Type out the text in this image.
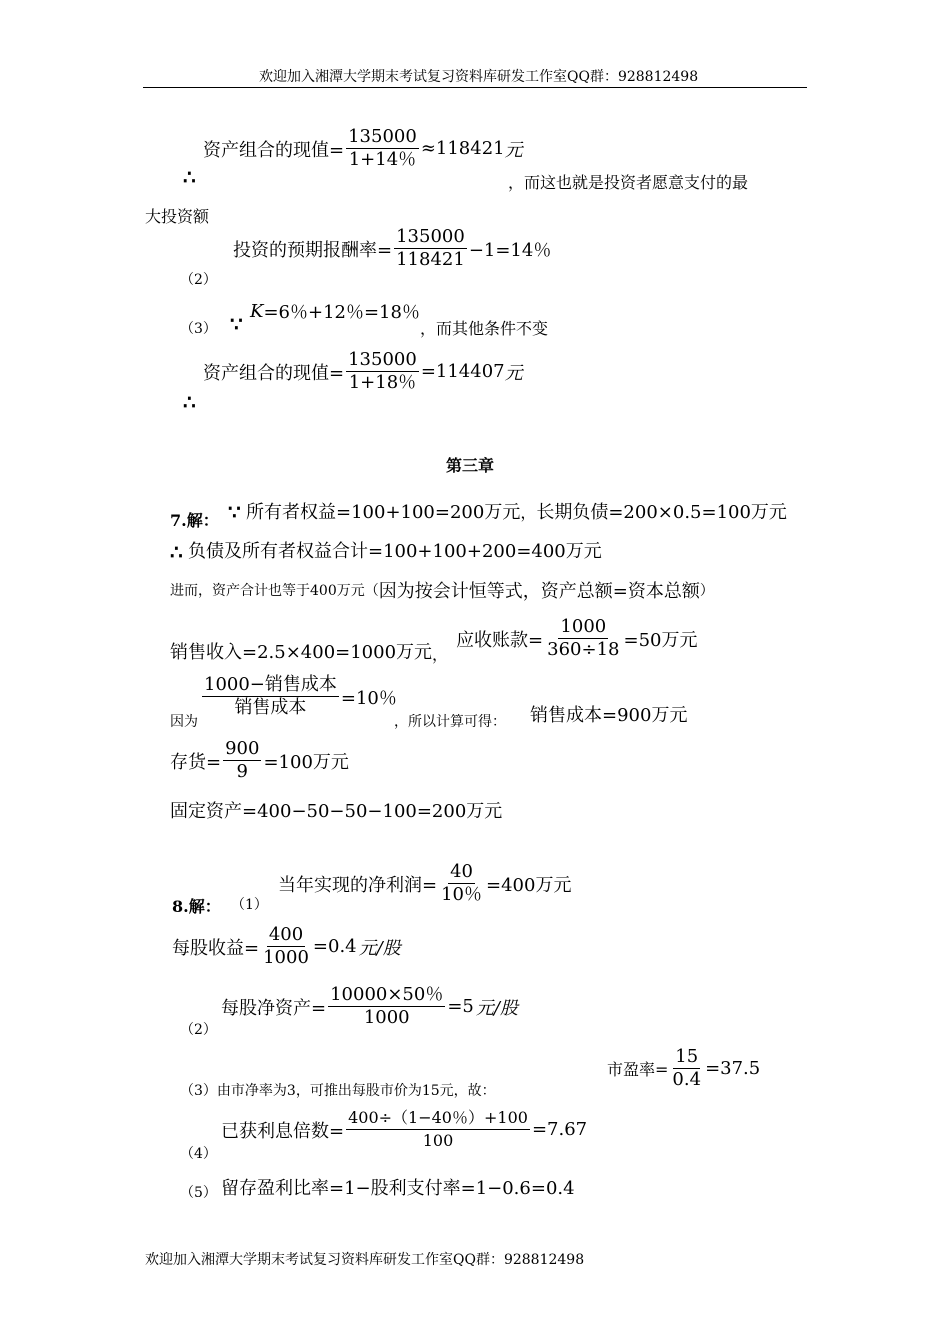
欢迎加入湘潭大学期末考试复习资料库研发工作室QQ群：928812498
资产组合的现值= $\frac{135000}{1+14\%} \approx 118421$ 元
∴	，而这也就是投资者愿意支付的最
大投资额
（2）
投资的预期报酬率= $\frac{135000}{118421} -1=14$％
（3） ∵
K =6％+12％=18％
，而其他条件不变
资产组合的现值= $\frac{135000}{1+18\%} =114407$ 元
∴
第三章
7.解： ∵ 所有者权益=100+100=200万元 ， 长期负债=200×0.5=100万元
∴ 负债及所有者权益合计=100+100+200=400万元
进而，资产合计也等于400万元（ 因为按会计恒等式，资产总额=资本总额 ）
销售收入=2.5×400=1000万元 ，
应收账款= $\frac{1000}{360\div 18} =50$万元
因为
$\frac{\text{1000−销售成本}}{\text{销售成本}} =10$％
，所以计算可得： 销售成本=900万元
存货= $\frac{900}{9} =100$万元
固定资产=400−50−50−100=200万元
8.解： （1）
当年实现的净利润= $\frac{40}{10\%} =400$万元
每股收益= $\frac{400}{1000} =0.4$ 元/股
（2）
每股净资产= $\frac{10000\times 50\%}{1000} =5$ 元/股
（3）由市净率为3，可推出每股市价为15元，故：
市盈率= $\frac{15}{0.4} =37.5$
（4）
已获利息倍数= $\frac{400\div(1-40\%)+100}{100} =7.67$
（5） 留存盈利比率=1−股利支付率=1−0.6=0.4
欢迎加入湘潭大学期末考试复习资料库研发工作室QQ群：928812498
